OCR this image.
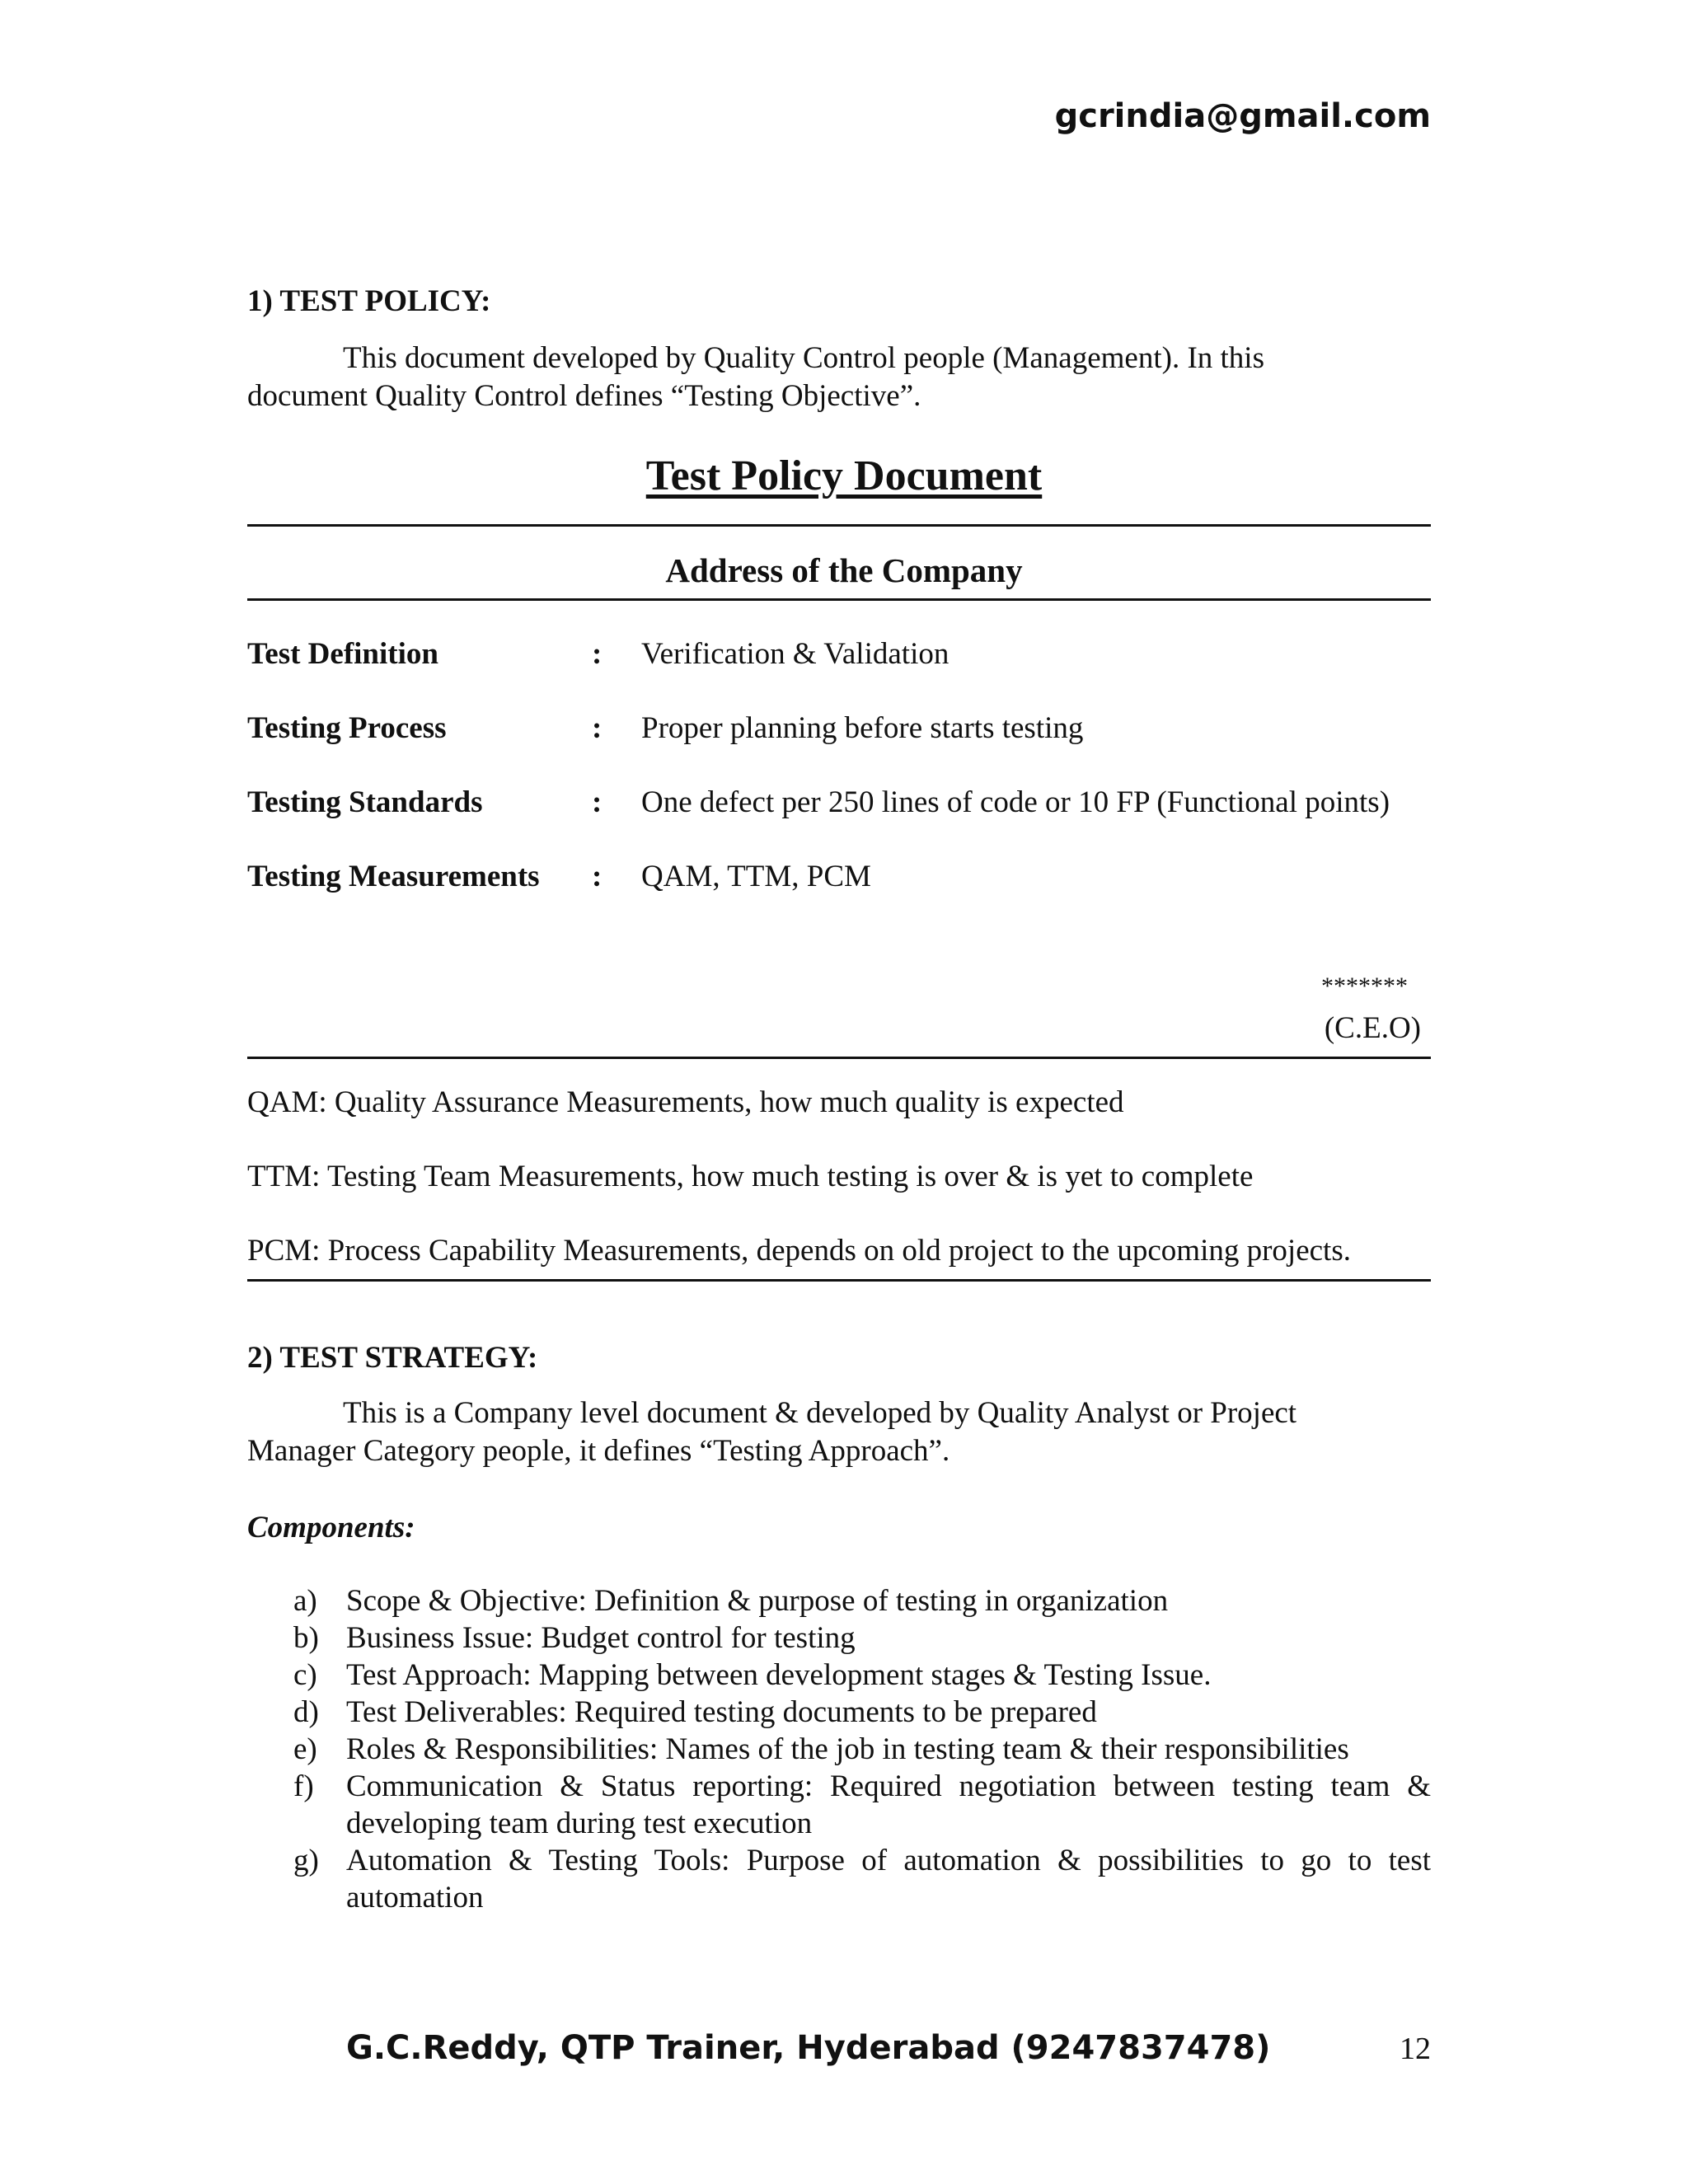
gcrindia@gmail.com
1) TEST POLICY:
This document developed by Quality Control people (Management). In this
document Quality Control defines “Testing Objective”.
Test Policy Document
Address of the Company
Test Definition	: Verification & Validation
Testing Process	: Proper planning before starts testing
Testing Standards	: One defect per 250 lines of code or 10 FP (Functional points)
Testing Measurements : QAM, TTM, PCM
*******
(C.E.O)
QAM: Quality Assurance Measurements, how much quality is expected
TTM: Testing Team Measurements, how much testing is over & is yet to complete
PCM: Process Capability Measurements, depends on old project to the upcoming projects.
2) TEST STRATEGY:
This is a Company level document & developed by Quality Analyst or Project
Manager Category people, it defines “Testing Approach”.
Components:
a) Scope & Objective: Definition & purpose of testing in organization
b) Business Issue: Budget control for testing
c) Test Approach: Mapping between development stages & Testing Issue.
d) Test Deliverables: Required testing documents to be prepared
e) Roles & Responsibilities: Names of the job in testing team & their responsibilities
f) Communication & Status reporting: Required negotiation between testing team & developing team during test execution
g) Automation & Testing Tools: Purpose of automation & possibilities to go to test automation
G.C.Reddy, QTP Trainer, Hyderabad (9247837478)	12
